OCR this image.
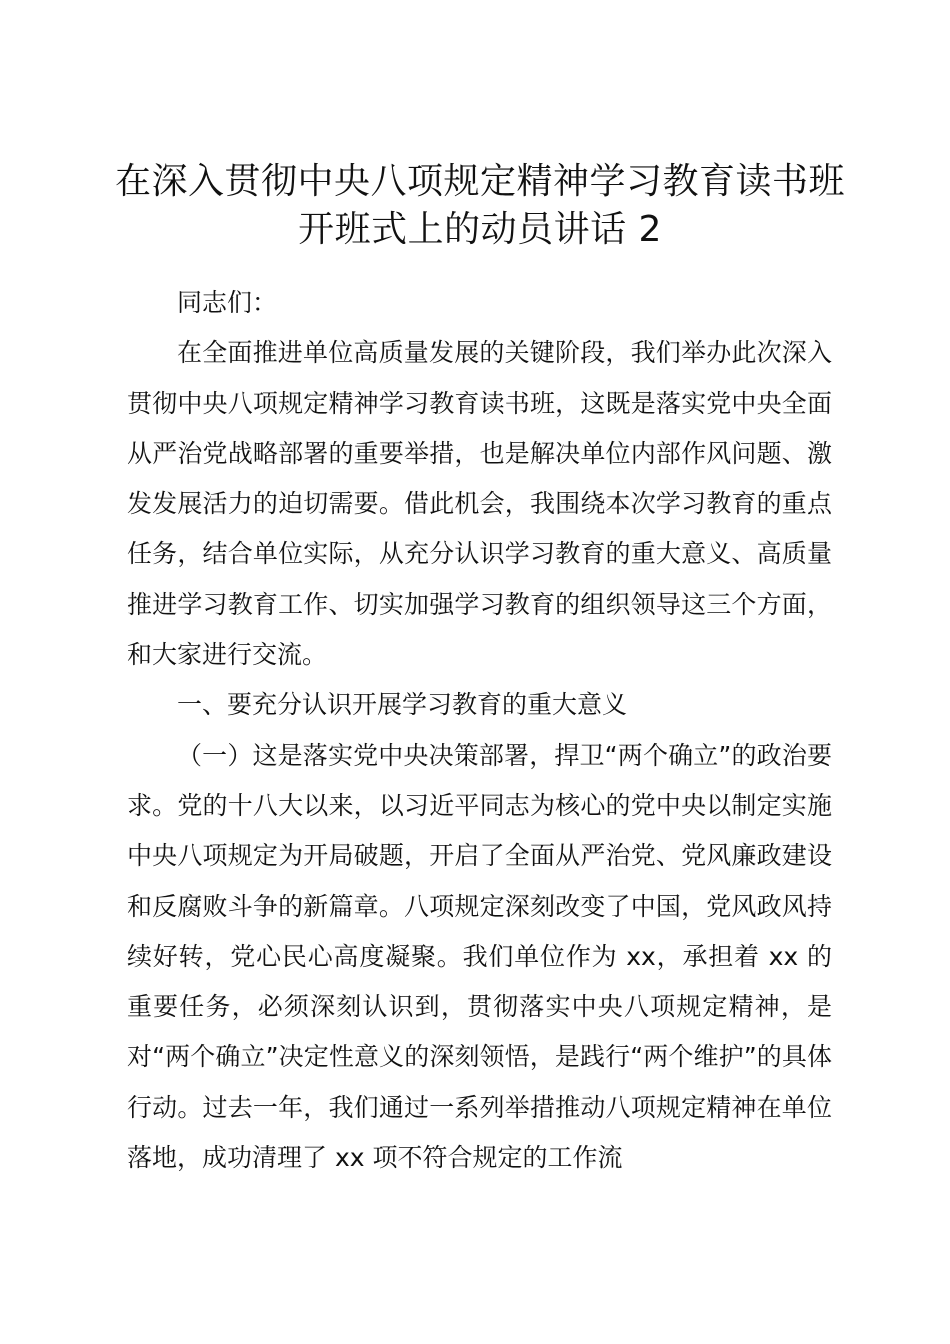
在深入贯彻中央八项规定精神学习教育读书班
开班式上的动员讲话 2

同志们：

在全面推进单位高质量发展的关键阶段，我们举办此次深入贯彻中央八项规定精神学习教育读书班，这既是落实党中央全面从严治党战略部署的重要举措，也是解决单位内部作风问题、激发发展活力的迫切需要。借此机会，我围绕本次学习教育的重点任务，结合单位实际，从充分认识学习教育的重大意义、高质量推进学习教育工作、切实加强学习教育的组织领导这三个方面，和大家进行交流。

一、要充分认识开展学习教育的重大意义

（一）这是落实党中央决策部署，捍卫“两个确立”的政治要求。党的十八大以来，以习近平同志为核心的党中央以制定实施中央八项规定为开局破题，开启了全面从严治党、党风廉政建设和反腐败斗争的新篇章。八项规定深刻改变了中国，党风政风持续好转，党心民心高度凝聚。我们单位作为 xx，承担着 xx 的重要任务，必须深刻认识到，贯彻落实中央八项规定精神，是对“两个确立”决定性意义的深刻领悟，是践行“两个维护”的具体行动。过去一年，我们通过一系列举措推动八项规定精神在单位落地，成功清理了 xx 项不符合规定的工作流
